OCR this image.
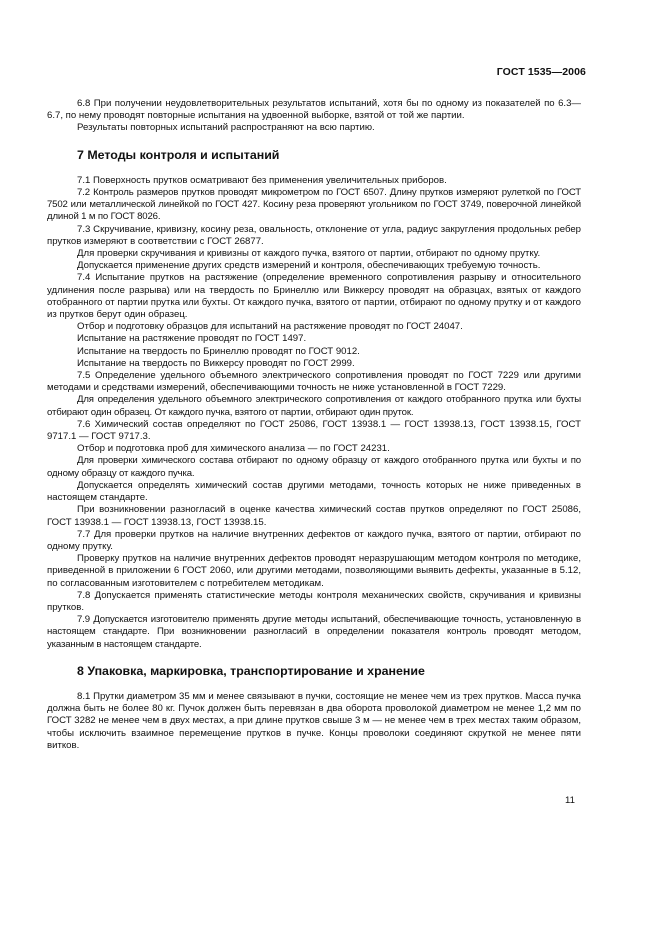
ГОСТ 1535—2006

6.8 При получении неудовлетворительных результатов испытаний, хотя бы по одному из показателей по 6.3—6.7, по нему проводят повторные испытания на удвоенной выборке, взятой от той же партии.

Результаты повторных испытаний распространяют на всю партию.

7 Методы контроля и испытаний

7.1 Поверхность прутков осматривают без применения увеличительных приборов.

7.2 Контроль размеров прутков проводят микрометром по ГОСТ 6507. Длину прутков измеряют рулеткой по ГОСТ 7502 или металлической линейкой по ГОСТ 427. Косину реза проверяют угольником по ГОСТ 3749, поверочной линейкой длиной 1 м по ГОСТ 8026.

7.3 Скручивание, кривизну, косину реза, овальность, отклонение от угла, радиус закругления продольных ребер прутков измеряют в соответствии с ГОСТ 26877.

Для проверки скручивания и кривизны от каждого пучка, взятого от партии, отбирают по одному прутку.

Допускается применение других средств измерений и контроля, обеспечивающих требуемую точность.

7.4 Испытание прутков на растяжение (определение временного сопротивления разрыву и относительного удлинения после разрыва) или на твердость по Бринеллю или Виккерсу проводят на образцах, взятых от каждого отобранного от партии прутка или бухты. От каждого пучка, взятого от партии, отбирают по одному прутку и от каждого из прутков берут один образец.

Отбор и подготовку образцов для испытаний на растяжение проводят по ГОСТ 24047.

Испытание на растяжение проводят по ГОСТ 1497.

Испытание на твердость по Бринеллю проводят по ГОСТ 9012.

Испытание на твердость по Виккерсу проводят по ГОСТ 2999.

7.5 Определение удельного объемного электрического сопротивления проводят по ГОСТ 7229 или другими методами и средствами измерений, обеспечивающими точность не ниже установленной в ГОСТ 7229.

Для определения удельного объемного электрического сопротивления от каждого отобранного прутка или бухты отбирают один образец. От каждого пучка, взятого от партии, отбирают один пруток.

7.6 Химический состав определяют по ГОСТ 25086, ГОСТ 13938.1 — ГОСТ 13938.13, ГОСТ 13938.15, ГОСТ 9717.1 — ГОСТ 9717.3.

Отбор и подготовка проб для химического анализа — по ГОСТ 24231.

Для проверки химического состава отбирают по одному образцу от каждого отобранного прутка или бухты и по одному образцу от каждого пучка.

Допускается определять химический состав другими методами, точность которых не ниже приведенных в настоящем стандарте.

При возникновении разногласий в оценке качества химический состав прутков определяют по ГОСТ 25086, ГОСТ 13938.1 — ГОСТ 13938.13, ГОСТ 13938.15.

7.7 Для проверки прутков на наличие внутренних дефектов от каждого пучка, взятого от партии, отбирают по одному прутку.

Проверку прутков на наличие внутренних дефектов проводят неразрушающим методом контроля по методике, приведенной в приложении 6 ГОСТ 2060, или другими методами, позволяющими выявить дефекты, указанные в 5.12, по согласованным изготовителем с потребителем методикам.

7.8 Допускается применять статистические методы контроля механических свойств, скручивания и кривизны прутков.

7.9 Допускается изготовителю применять другие методы испытаний, обеспечивающие точность, установленную в настоящем стандарте. При возникновении разногласий в определении показателя контроль проводят методом, указанным в настоящем стандарте.

8 Упаковка, маркировка, транспортирование и хранение

8.1 Прутки диаметром 35 мм и менее связывают в пучки, состоящие не менее чем из трех прутков. Масса пучка должна быть не более 80 кг. Пучок должен быть перевязан в два оборота проволокой диаметром не менее 1,2 мм по ГОСТ 3282 не менее чем в двух местах, а при длине прутков свыше 3 м — не менее чем в трех местах таким образом, чтобы исключить взаимное перемещение прутков в пучке. Концы проволоки соединяют скруткой не менее пяти витков.

11
